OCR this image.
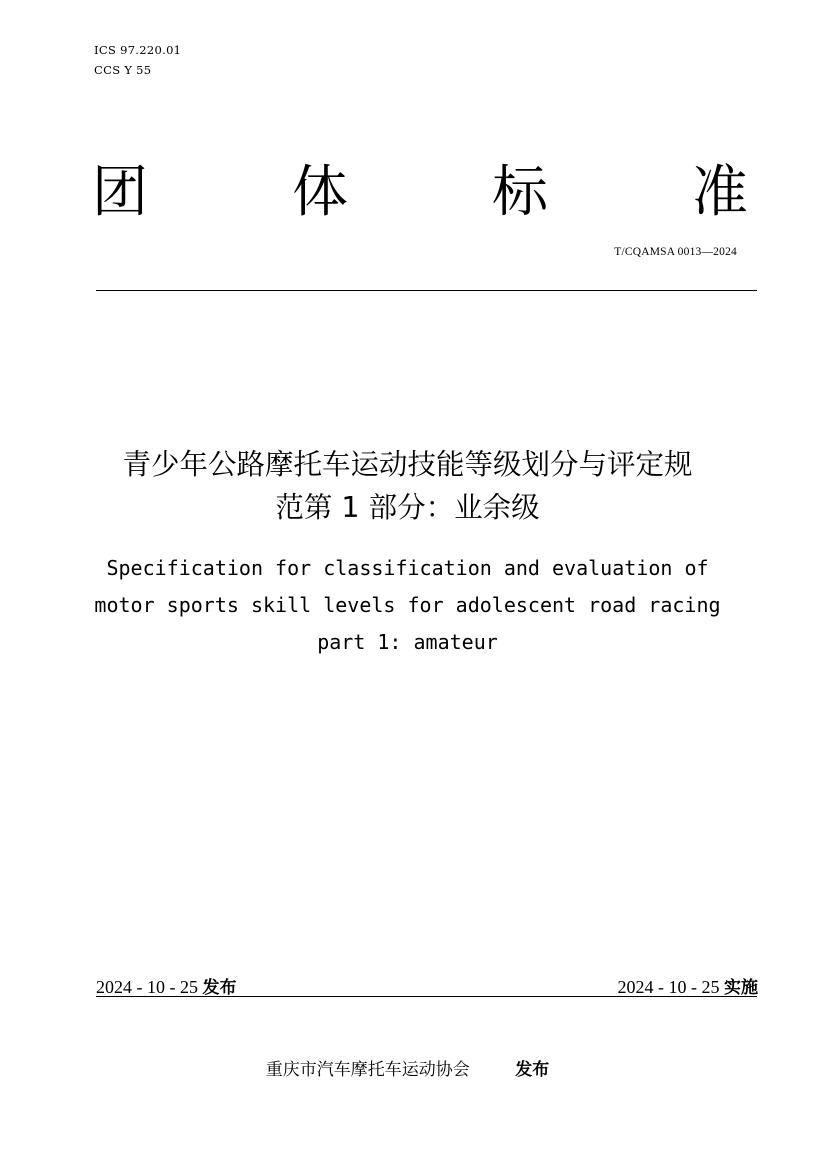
ICS 97.220.01
CCS Y 55
团	体	标	准
T/CQAMSA 0013—2024
青少年公路摩托车运动技能等级划分与评定规
范第 1 部分：业余级
Specification for classification and evaluation of
motor sports skill levels for adolescent road racing
part 1: amateur
2024 - 10 - 25 发布	2024 - 10 - 25 实施
重庆市汽车摩托车运动协会	发布
